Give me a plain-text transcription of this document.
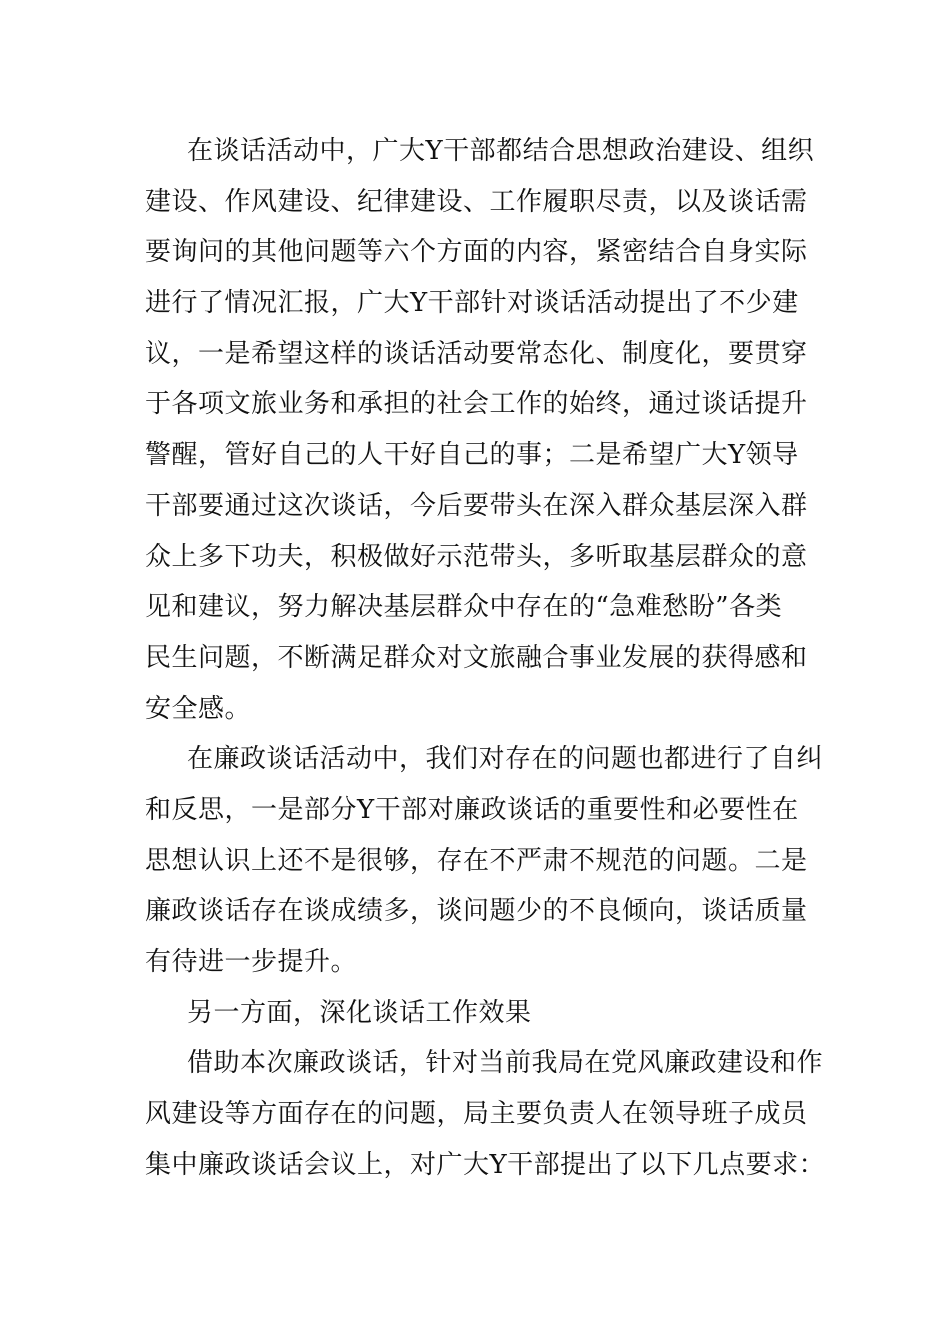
在谈话活动中，广大Y干部都结合思想政治建设、组织
建设、作风建设、纪律建设、工作履职尽责，以及谈话需
要询问的其他问题等六个方面的内容，紧密结合自身实际
进行了情况汇报，广大Y干部针对谈话活动提出了不少建
议，一是希望这样的谈话活动要常态化、制度化，要贯穿
于各项文旅业务和承担的社会工作的始终，通过谈话提升
警醒，管好自己的人干好自己的事；二是希望广大Y领导
干部要通过这次谈话，今后要带头在深入群众基层深入群
众上多下功夫，积极做好示范带头，多听取基层群众的意
见和建议，努力解决基层群众中存在的“急难愁盼”各类
民生问题，不断满足群众对文旅融合事业发展的获得感和
安全感。
在廉政谈话活动中，我们对存在的问题也都进行了自纠
和反思，一是部分Y干部对廉政谈话的重要性和必要性在
思想认识上还不是很够，存在不严肃不规范的问题。二是
廉政谈话存在谈成绩多，谈问题少的不良倾向，谈话质量
有待进一步提升。
另一方面，深化谈话工作效果
借助本次廉政谈话，针对当前我局在党风廉政建设和作
风建设等方面存在的问题，局主要负责人在领导班子成员
集中廉政谈话会议上，对广大Y干部提出了以下几点要求：
